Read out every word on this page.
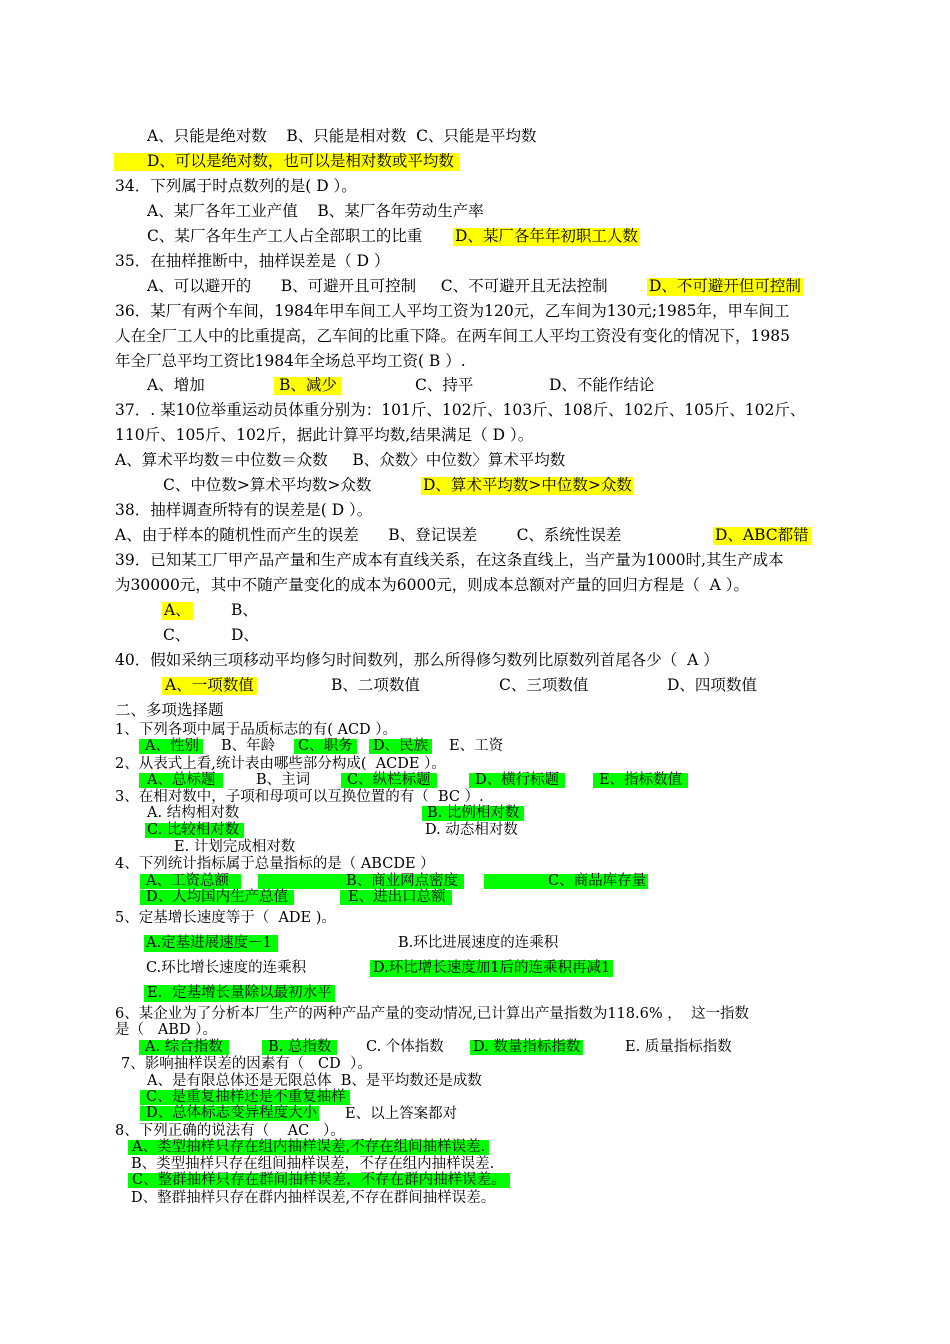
A、只能是绝对数    B、只能是相对数  C、只能是平均数
D、可以是绝对数，也可以是相对数或平均数
34．下列属于时点数列的是( D ）。
A、某厂各年工业产值    B、某厂各年劳动生产率
C、某厂各年生产工人占全部职工的比重 D、某厂各年年初职工人数
35．在抽样推断中，抽样误差是（ D ）
A、可以避开的      B、可避开且可控制     C、不可避开且无法控制	D、不可避开但可控制
36．某厂有两个车间，1984年甲车间工人平均工资为120元，乙车间为130元;1985年，甲车间工
人在全厂工人中的比重提高，乙车间的比重下降。在两车间工人平均工资没有变化的情况下，1985
年全厂总平均工资比1984年全场总平均工资( B ）.
A、增加	B、减少	C、持平	D、不能作结论
37．. 某10位举重运动员体重分别为：101斤、102斤、103斤、108斤、102斤、105斤、102斤、
110斤、105斤、102斤，据此计算平均数,结果满足（ D ）。
A、算术平均数＝中位数＝众数     B、众数〉中位数〉算术平均数
C、中位数>算术平均数>众数	D、算术平均数>中位数>众数
38．抽样调查所特有的误差是( D ）。
A、由于样本的随机性而产生的误差      B、登记误差        C、系统性误差	D、ABC都错
39．已知某工厂甲产品产量和生产成本有直线关系，在这条直线上，当产量为1000时,其生产成本
为30000元，其中不随产量变化的成本为6000元，则成本总额对产量的回归方程是（  A ）。
A、	B、
C、	D、
40．假如采纳三项移动平均修匀时间数列，那么所得修匀数列比原数列首尾各少（  A ）
A、一项数值	B、二项数值	C、三项数值	D、四项数值
二、多项选择题
1、下列各项中属于品质标志的有( ACD ）。
A、性别 B、年龄 C、职务 D、民族 E、工资
2、从表式上看,统计表由哪些部分构成(  ACDE ）。
A、总标题	B、主词	C、纵栏标题	D、横行标题	E、指标数值
3、在相对数中，子项和母项可以互换位置的有（  BC ）.
A. 结构相对数	B. 比例相对数
C. 比较相对数	D. 动态相对数
E. 计划完成相对数
4、下列统计指标属于总量指标的是（ ABCDE ）
A、工资总额	B、商业网点密度	C、商品库存量
D、人均国内生产总值	E、进出口总额
5、定基增长速度等于（  ADE )。
A.定基进展速度－1	B.环比进展速度的连乘积
C.环比增长速度的连乘积	D.环比增长速度加1后的连乘积再减1
E．定基增长量除以最初水平
6、某企业为了分析本厂生产的两种产品产量的变动情况,已计算出产量指数为118.6% ，  这一指数
是（   ABD ）。
A. 综合指数	B. 总指数	C. 个体指数 D. 数量指标指数	E. 质量指标指数
7、影响抽样误差的因素有（   CD  ）。
A、是有限总体还是无限总体  B、是平均数还是成数
C、是重复抽样还是不重复抽样
D、总体标志变异程度大小 E、以上答案都对
8、下列正确的说法有（    AC   ）。
A、类型抽样只存在组内抽样误差,不存在组间抽样误差.
B、类型抽样只存在组间抽样误差，不存在组内抽样误差.
C、整群抽样只存在群间抽样误差，不存在群内抽样误差。
D、整群抽样只存在群内抽样误差,不存在群间抽样误差。
